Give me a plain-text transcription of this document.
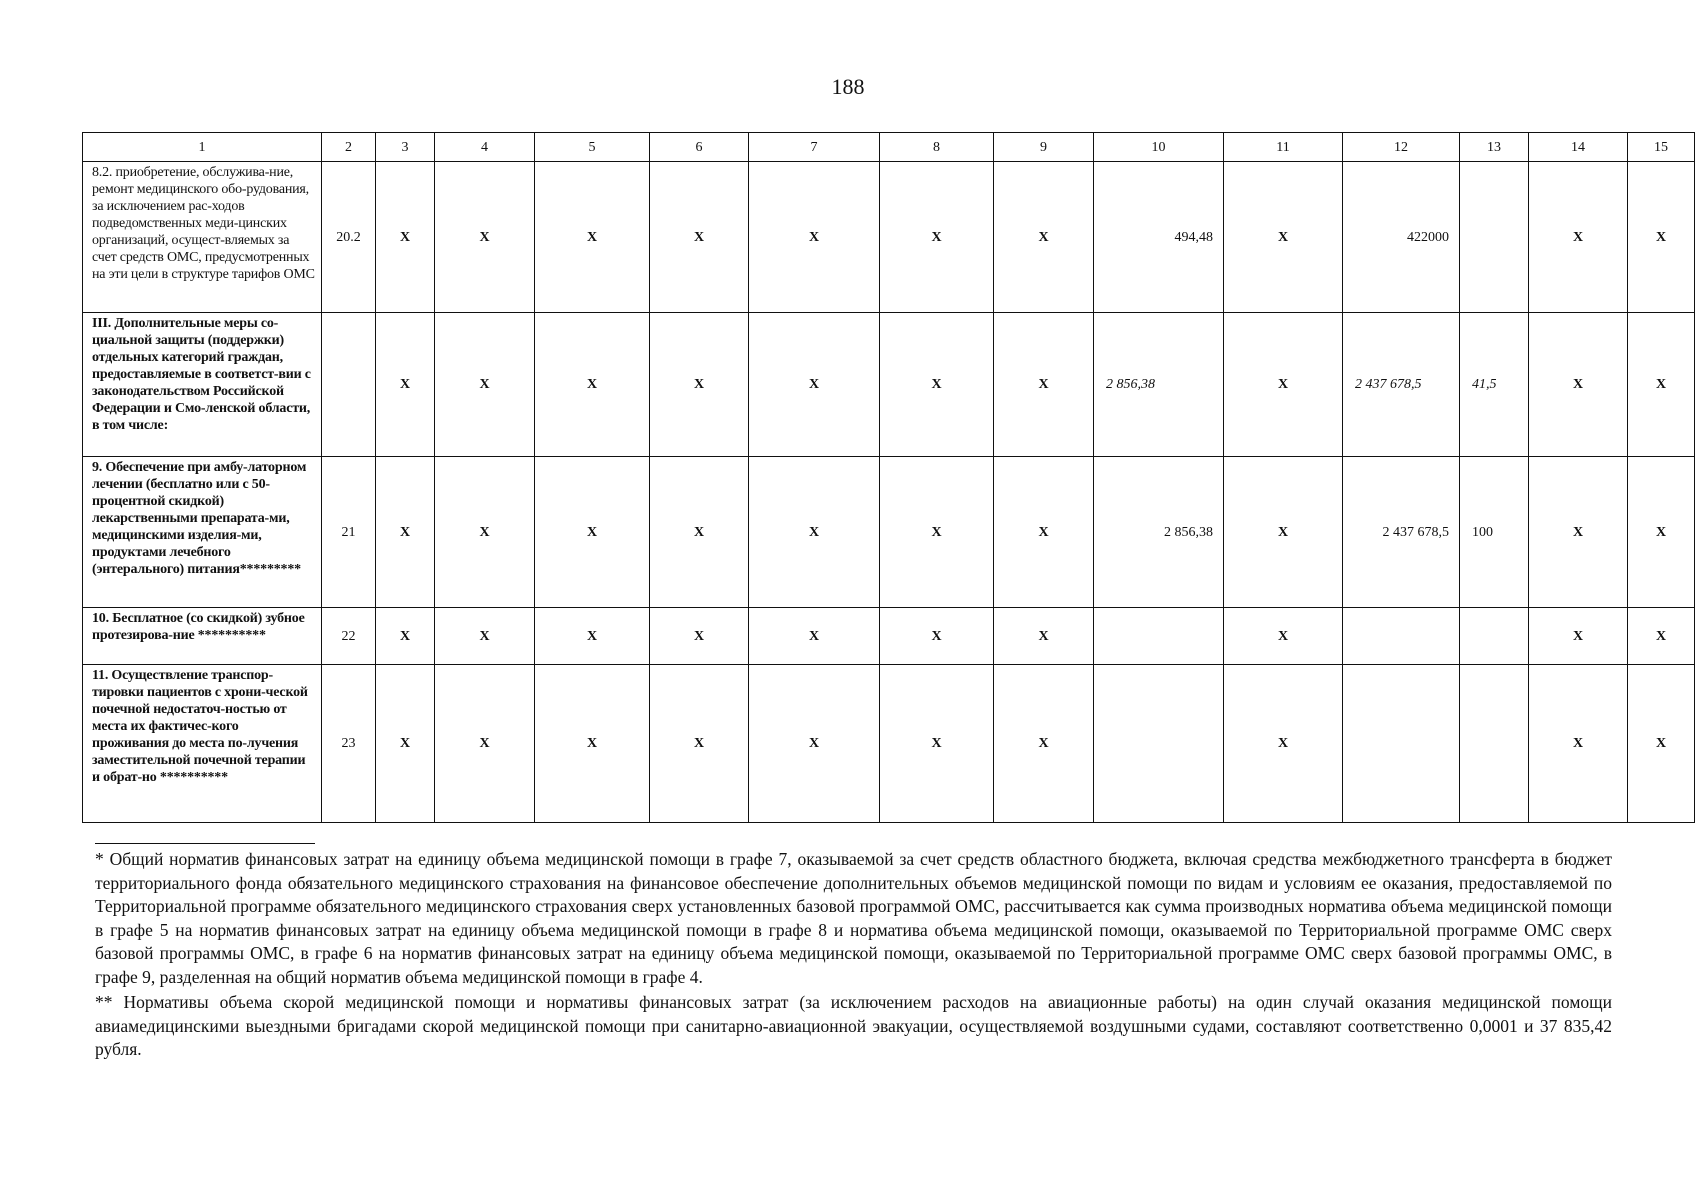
188
1	2	3	4	5	6	7	8	9	10	11	12	13	14	15
8.2. приобретение, обслужива-ние, ремонт медицинского обо-рудования, за исключением рас-ходов подведомственных меди-цинских организаций, осущест-вляемых за счет средств ОМС, предусмотренных на эти цели в структуре тарифов ОМС	20.2	X	X	X	X	X	X	X	494,48	X	422000		X	X
III. Дополнительные меры со-циальной защиты (поддержки) отдельных категорий граждан, предоставляемые в соответст-вии с законодательством Российской Федерации и Смо-ленской области, в том числе:		X	X	X	X	X	X	X	2 856,38	X	2 437 678,5	41,5	X	X
9. Обеспечение при амбу-латорном лечении (бесплатно или с 50-процентной скидкой) лекарственными препарата-ми, медицинскими изделия-ми, продуктами лечебного (энтерального) питания*********	21	X	X	X	X	X	X	X	2 856,38	X	2 437 678,5	100	X	X
10. Бесплатное (со скидкой) зубное протезирова-ние **********	22	X	X	X	X	X	X	X		X			X	X
11. Осуществление транспор-тировки пациентов с хрони-ческой почечной недостаточ-ностью от места их фактичес-кого проживания до места по-лучения заместительной почечной терапии и обрат-но **********	23	X	X	X	X	X	X	X		X			X	X

* Общий норматив финансовых затрат на единицу объема медицинской помощи в графе 7, оказываемой за счет средств областного бюджета, включая средства межбюджетного трансферта в бюджет территориального фонда обязательного медицинского страхования на финансовое обеспечение дополнительных объемов медицинской помощи по видам и условиям ее оказания, предоставляемой по Территориальной программе обязательного медицинского страхования сверх установленных базовой программой ОМС, рассчитывается как сумма производных норматива объема медицинской помощи в графе 5 на норматив финансовых затрат на единицу объема медицинской помощи в графе 8 и норматива объема медицинской помощи, оказываемой по Территориальной программе ОМС сверх базовой программы ОМС, в графе 6 на норматив финансовых затрат на единицу объема медицинской помощи, оказываемой по Территориальной программе ОМС сверх базовой программы ОМС, в графе 9, разделенная на общий норматив объема медицинской помощи в графе 4.

** Нормативы объема скорой медицинской помощи и нормативы финансовых затрат (за исключением расходов на авиационные работы) на один случай оказания медицинской помощи авиамедицинскими выездными бригадами скорой медицинской помощи при санитарно-авиационной эвакуации, осуществляемой воздушными судами, составляют соответственно 0,0001 и 37 835,42 рубля.
